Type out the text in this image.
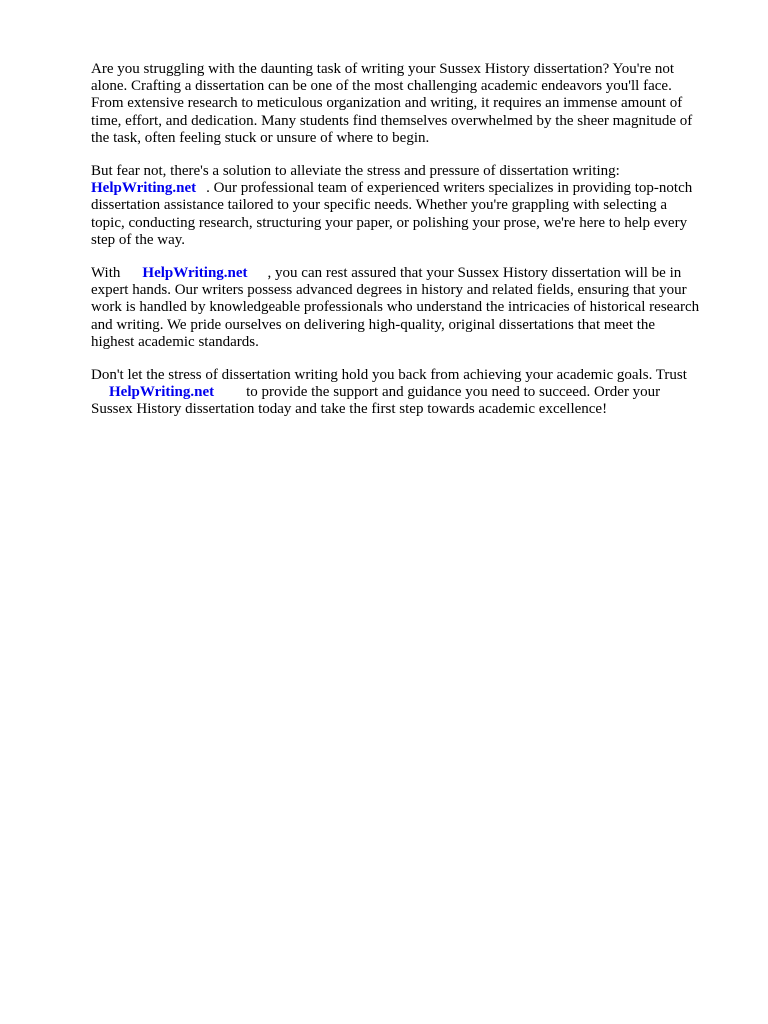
Are you struggling with the daunting task of writing your Sussex History dissertation? You're not
alone. Crafting a dissertation can be one of the most challenging academic endeavors you'll face.
From extensive research to meticulous organization and writing, it requires an immense amount of
time, effort, and dedication. Many students find themselves overwhelmed by the sheer magnitude of
the task, often feeling stuck or unsure of where to begin.

But fear not, there's a solution to alleviate the stress and pressure of dissertation writing:
HelpWriting.net . Our professional team of experienced writers specializes in providing top-notch
dissertation assistance tailored to your specific needs. Whether you're grappling with selecting a
topic, conducting research, structuring your paper, or polishing your prose, we're here to help every
step of the way.

With HelpWriting.net , you can rest assured that your Sussex History dissertation will be in
expert hands. Our writers possess advanced degrees in history and related fields, ensuring that your
work is handled by knowledgeable professionals who understand the intricacies of historical research
and writing. We pride ourselves on delivering high-quality, original dissertations that meet the
highest academic standards.

Don't let the stress of dissertation writing hold you back from achieving your academic goals. Trust
HelpWriting.net to provide the support and guidance you need to succeed. Order your
Sussex History dissertation today and take the first step towards academic excellence!
